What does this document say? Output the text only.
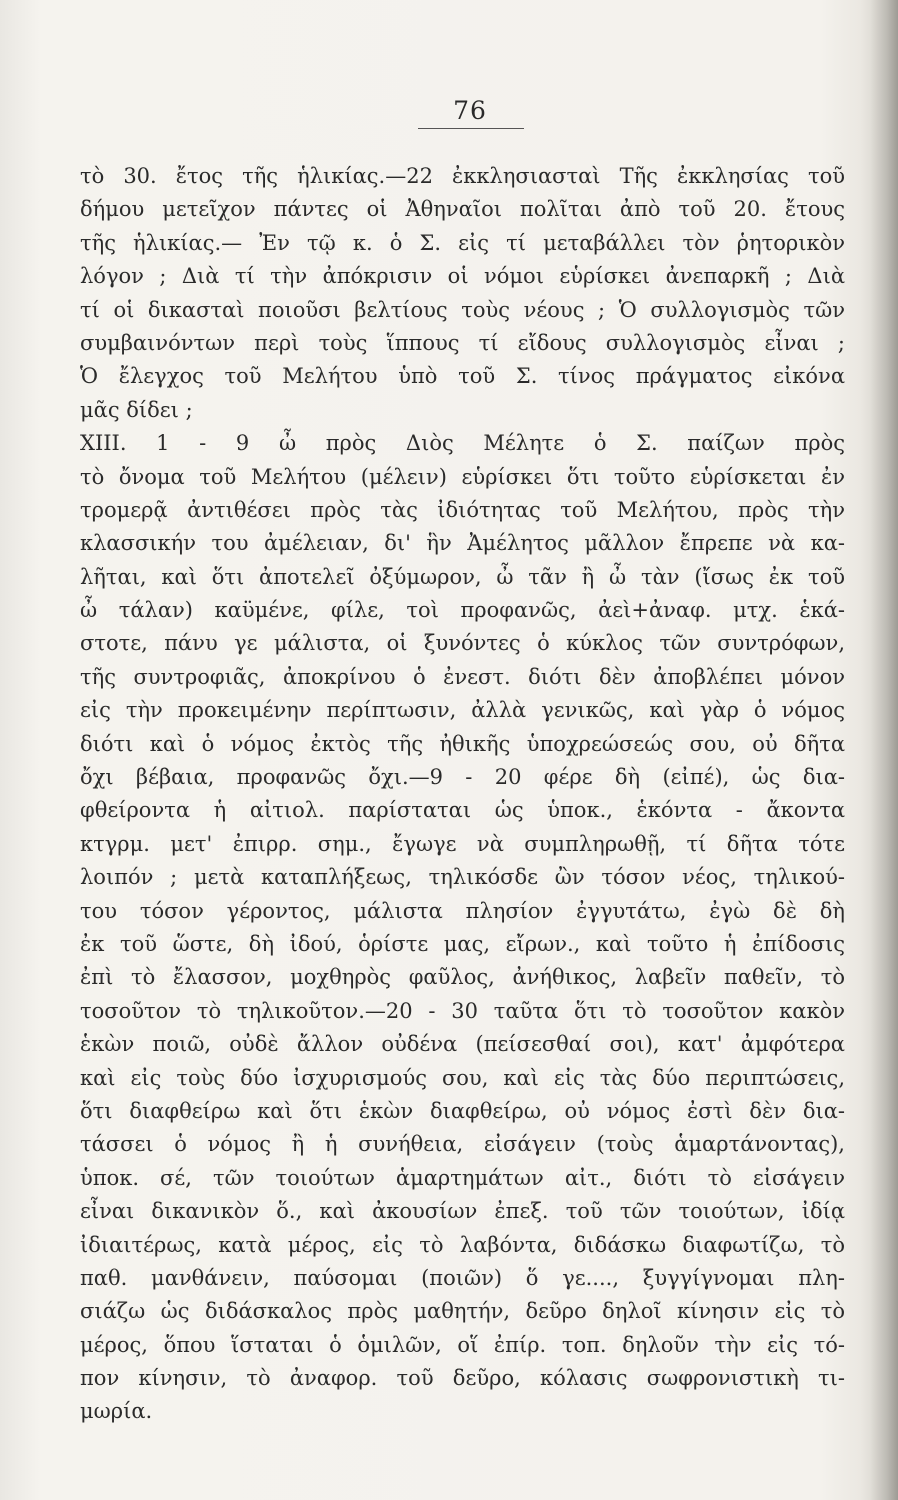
76
τὸ 30. ἔτος τῆς ἡλικίας.—22 ἐκκλησιασταὶ Τῆς ἐκκλησίας τοῦ
δήμου μετεῖχον πάντες οἱ Ἀθηναῖοι πολῖται ἀπὸ τοῦ 20. ἔτους
τῆς ἡλικίας.— Ἐν τῷ κ. ὁ Σ. εἰς τί μεταβάλλει τὸν ῥητορικὸν
λόγον ; Διὰ τί τὴν ἀπόκρισιν οἱ νόμοι εὑρίσκει ἀνεπαρκῆ ; Διὰ
τί οἱ δικασταὶ ποιοῦσι βελτίους τοὺς νέους ; Ὁ συλλογισμὸς τῶν
συμβαινόντων περὶ τοὺς ἵππους τί εἴδους συλλογισμὸς εἶναι ;
Ὁ ἔλεγχος τοῦ Μελήτου ὑπὸ τοῦ Σ. τίνος πράγματος εἰκόνα
μᾶς δίδει ;
XIII. 1 - 9 ὦ πρὸς Διὸς Μέλητε ὁ Σ. παίζων πρὸς
τὸ ὄνομα τοῦ Μελήτου (μέλειν) εὑρίσκει ὅτι τοῦτο εὑρίσκεται ἐν
τρομερᾷ ἀντιθέσει πρὸς τὰς ἰδιότητας τοῦ Μελήτου, πρὸς τὴν
κλασσικήν του ἀμέλειαν, δι' ἣν Ἀμέλητος μᾶλλον ἔπρεπε νὰ κα-
λῆται, καὶ ὅτι ἀποτελεῖ ὀξύμωρον, ὦ τᾶν ἢ ὦ τὰν (ἴσως ἐκ τοῦ
ὦ τάλαν) καϋμένε, φίλε, τοὶ προφανῶς, ἀεὶ+ἀναφ. μτχ. ἑκά-
στοτε, πάνυ γε μάλιστα, οἱ ξυνόντες ὁ κύκλος τῶν συντρόφων,
τῆς συντροφιᾶς, ἀποκρίνου ὁ ἐνεστ. διότι δὲν ἀποβλέπει μόνον
εἰς τὴν προκειμένην περίπτωσιν, ἀλλὰ γενικῶς, καὶ γὰρ ὁ νόμος
διότι καὶ ὁ νόμος ἐκτὸς τῆς ἠθικῆς ὑποχρεώσεώς σου, οὐ δῆτα
ὄχι βέβαια, προφανῶς ὄχι.—9 - 20 φέρε δὴ (εἰπέ), ὡς δια-
φθείροντα ἡ αἰτιολ. παρίσταται ὡς ὑποκ., ἑκόντα - ἄκοντα
κτγρμ. μετ' ἐπιρρ. σημ., ἔγωγε νὰ συμπληρωθῇ, τί δῆτα τότε
λοιπόν ; μετὰ καταπλήξεως, τηλικόσδε ὢν τόσον νέος, τηλικού-
του τόσον γέροντος, μάλιστα πλησίον ἐγγυτάτω, ἐγὼ δὲ δὴ
ἐκ τοῦ ὥστε, δὴ ἰδού, ὁρίστε μας, εἴρων., καὶ τοῦτο ἡ ἐπίδοσις
ἐπὶ τὸ ἔλασσον, μοχθηρὸς φαῦλος, ἀνήθικος, λαβεῖν παθεῖν, τὸ
τοσοῦτον τὸ τηλικοῦτον.—20 - 30 ταῦτα ὅτι τὸ τοσοῦτον κακὸν
ἑκὼν ποιῶ, οὐδὲ ἄλλον οὐδένα (πείσεσθαί σοι), κατ' ἀμφότερα
καὶ εἰς τοὺς δύο ἰσχυρισμούς σου, καὶ εἰς τὰς δύο περιπτώσεις,
ὅτι διαφθείρω καὶ ὅτι ἑκὼν διαφθείρω, οὐ νόμος ἐστὶ δὲν δια-
τάσσει ὁ νόμος ἢ ἡ συνήθεια, εἰσάγειν (τοὺς ἁμαρτάνοντας),
ὑποκ. σέ, τῶν τοιούτων ἁμαρτημάτων αἰτ., διότι τὸ εἰσάγειν
εἶναι δικανικὸν ὅ., καὶ ἀκουσίων ἐπεξ. τοῦ τῶν τοιούτων, ἰδίᾳ
ἰδιαιτέρως, κατὰ μέρος, εἰς τὸ λαβόντα, διδάσκω διαφωτίζω, τὸ
παθ. μανθάνειν, παύσομαι (ποιῶν) ὅ γε...., ξυγγίγνομαι πλη-
σιάζω ὡς διδάσκαλος πρὸς μαθητήν, δεῦρο δηλοῖ κίνησιν εἰς τὸ
μέρος, ὅπου ἵσταται ὁ ὁμιλῶν, οἵ ἐπίρ. τοπ. δηλοῦν τὴν εἰς τό-
πον κίνησιν, τὸ ἀναφορ. τοῦ δεῦρο, κόλασις σωφρονιστικὴ τι-
μωρία.
